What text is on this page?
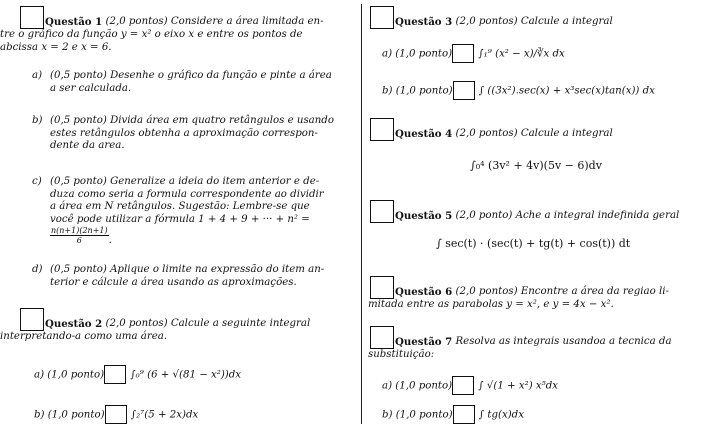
Questão 1
(2,0 pontos)
Considere a área limitada en-
tre o gráfico da função y = x² o eixo x e entre os pontos de
abcissa x = 2 e x = 6.
a) (0,5 ponto) Desenhe o gráfico da função e pinte a área
a ser calculada.
b) (0,5 ponto) Divida área em quatro retângulos e usando
estes retângulos obtenha a aproximação correspon-
dente da area.
c) (0,5 ponto) Generalize a ideia do item anterior e de-
duza como seria a formula correspondente ao dividir
a área em N retângulos. Sugestão: Lembre-se que
você pode utilizar a fórmula 1 + 4 + 9 + ··· + n² =
$\frac{n(n+1)(2n+1)}{6}$ .
d) (0,5 ponto) Aplique o limite na expressão do item an-
terior e cálcule a área usando as aproximações.
Questão 2
(2,0 pontos)
Calcule a seguinte integral
interpretando-a como uma área.
a) (1,0 ponto)	∫₀⁹ (6 + √(81 − x²))dx
b) (1,0 ponto)	∫₂⁷(5 + 2x)dx
Questão 3
(2,0 pontos)
Calcule a integral
a) (1,0 ponto)	∫₁⁹ (x² − x)/∛x dx
b) (1,0 ponto)	∫ ((3x²).sec(x) + x³sec(x)tan(x)) dx
Questão 4
(2,0 pontos)
Calcule a integral
∫₀⁴ (3v² + 4v)(5v − 6)dv
Questão 5
(2,0 ponto)
Ache a integral indefinida geral
∫ sec(t) · (sec(t) + tg(t) + cos(t)) dt
Questão 6
(2,0 pontos)
Encontre a área da regiao li-
mitada entre as parabolas y = x², e y = 4x − x².
Questão 7
Resolva as integrais usandoa a tecnica da
substituição:
a) (1,0 ponto)	∫ √(1 + x²) x⁵dx
b) (1,0 ponto)	∫ tg(x)dx
